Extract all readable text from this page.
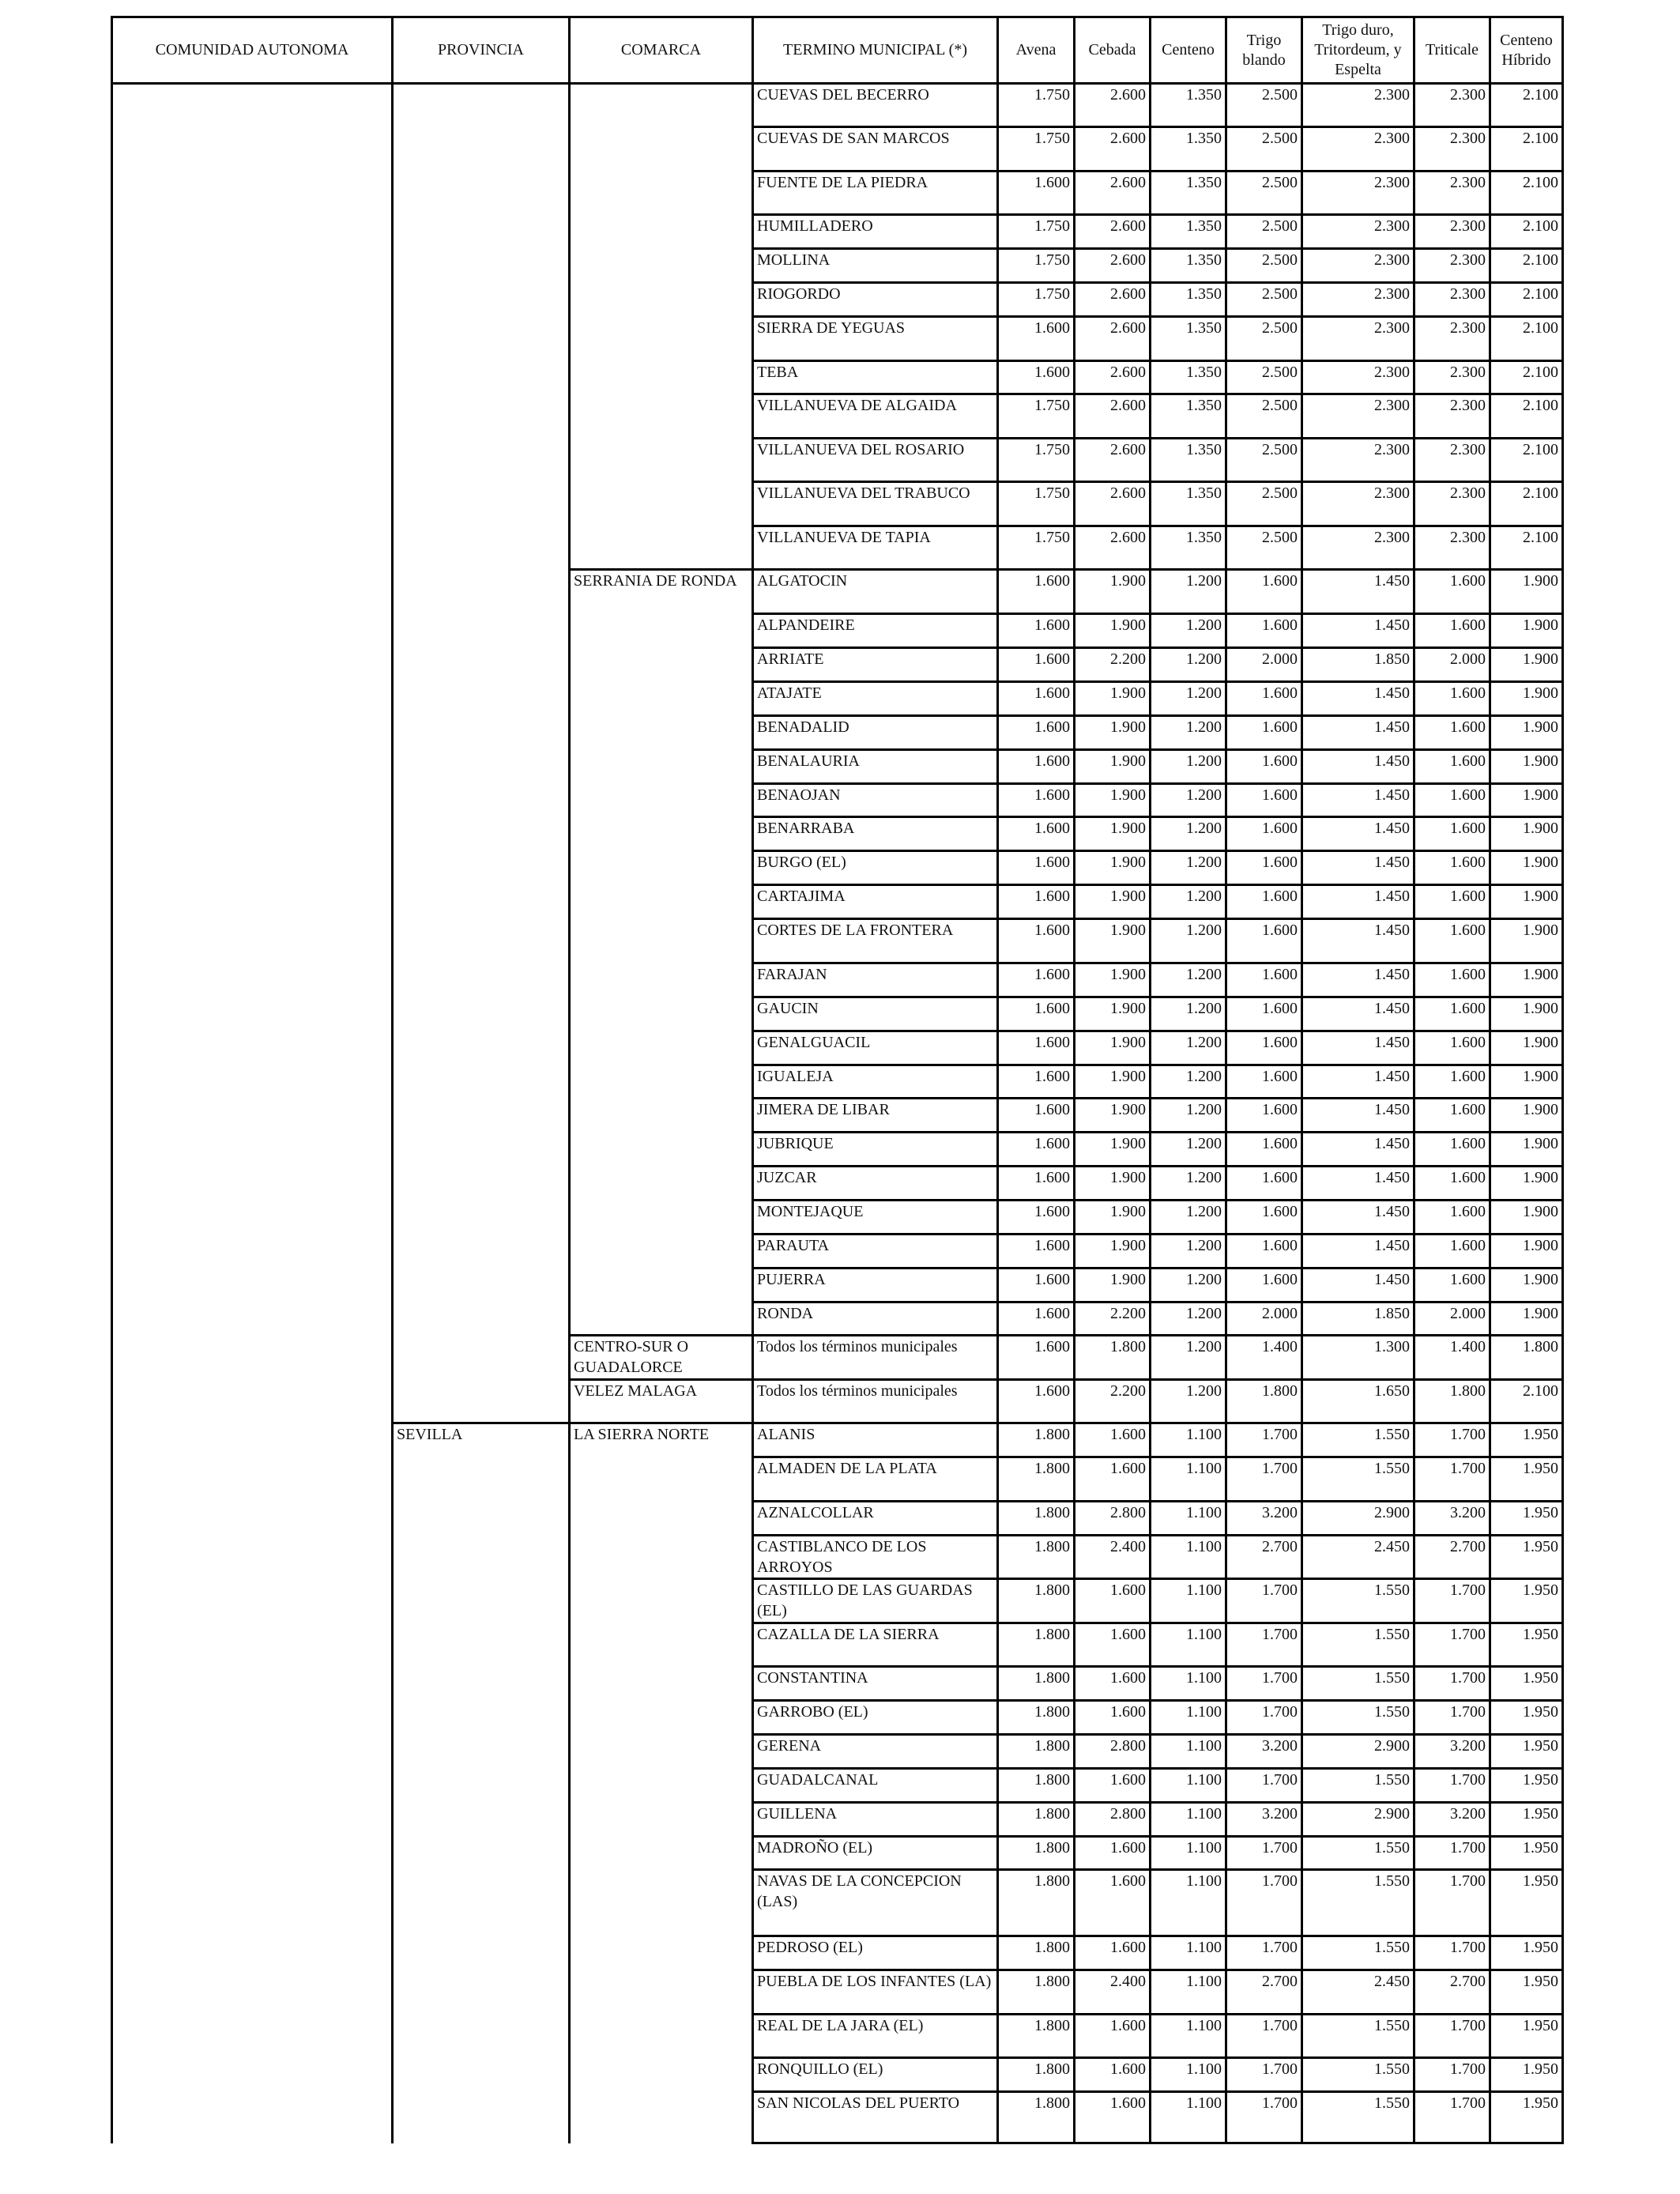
COMUNIDAD AUTONOMA	PROVINCIA	COMARCA	TERMINO MUNICIPAL (*)	Avena	Cebada	Centeno	Trigo blando	Trigo duro, Tritordeum, y Espelta	Triticale	Centeno Híbrido
			CUEVAS DEL BECERRO	1.750	2.600	1.350	2.500	2.300	2.300	2.100
			CUEVAS DE SAN MARCOS	1.750	2.600	1.350	2.500	2.300	2.300	2.100
			FUENTE DE LA PIEDRA	1.600	2.600	1.350	2.500	2.300	2.300	2.100
			HUMILLADERO	1.750	2.600	1.350	2.500	2.300	2.300	2.100
			MOLLINA	1.750	2.600	1.350	2.500	2.300	2.300	2.100
			RIOGORDO	1.750	2.600	1.350	2.500	2.300	2.300	2.100
			SIERRA DE YEGUAS	1.600	2.600	1.350	2.500	2.300	2.300	2.100
			TEBA	1.600	2.600	1.350	2.500	2.300	2.300	2.100
			VILLANUEVA DE ALGAIDA	1.750	2.600	1.350	2.500	2.300	2.300	2.100
			VILLANUEVA DEL ROSARIO	1.750	2.600	1.350	2.500	2.300	2.300	2.100
			VILLANUEVA DEL TRABUCO	1.750	2.600	1.350	2.500	2.300	2.300	2.100
			VILLANUEVA DE TAPIA	1.750	2.600	1.350	2.500	2.300	2.300	2.100
		SERRANIA DE RONDA	ALGATOCIN	1.600	1.900	1.200	1.600	1.450	1.600	1.900
			ALPANDEIRE	1.600	1.900	1.200	1.600	1.450	1.600	1.900
			ARRIATE	1.600	2.200	1.200	2.000	1.850	2.000	1.900
			ATAJATE	1.600	1.900	1.200	1.600	1.450	1.600	1.900
			BENADALID	1.600	1.900	1.200	1.600	1.450	1.600	1.900
			BENALAURIA	1.600	1.900	1.200	1.600	1.450	1.600	1.900
			BENAOJAN	1.600	1.900	1.200	1.600	1.450	1.600	1.900
			BENARRABA	1.600	1.900	1.200	1.600	1.450	1.600	1.900
			BURGO (EL)	1.600	1.900	1.200	1.600	1.450	1.600	1.900
			CARTAJIMA	1.600	1.900	1.200	1.600	1.450	1.600	1.900
			CORTES DE LA FRONTERA	1.600	1.900	1.200	1.600	1.450	1.600	1.900
			FARAJAN	1.600	1.900	1.200	1.600	1.450	1.600	1.900
			GAUCIN	1.600	1.900	1.200	1.600	1.450	1.600	1.900
			GENALGUACIL	1.600	1.900	1.200	1.600	1.450	1.600	1.900
			IGUALEJA	1.600	1.900	1.200	1.600	1.450	1.600	1.900
			JIMERA DE LIBAR	1.600	1.900	1.200	1.600	1.450	1.600	1.900
			JUBRIQUE	1.600	1.900	1.200	1.600	1.450	1.600	1.900
			JUZCAR	1.600	1.900	1.200	1.600	1.450	1.600	1.900
			MONTEJAQUE	1.600	1.900	1.200	1.600	1.450	1.600	1.900
			PARAUTA	1.600	1.900	1.200	1.600	1.450	1.600	1.900
			PUJERRA	1.600	1.900	1.200	1.600	1.450	1.600	1.900
			RONDA	1.600	2.200	1.200	2.000	1.850	2.000	1.900
		CENTRO-SUR O GUADALORCE	Todos los términos municipales	1.600	1.800	1.200	1.400	1.300	1.400	1.800
		VELEZ MALAGA	Todos los términos municipales	1.600	2.200	1.200	1.800	1.650	1.800	2.100
	SEVILLA	LA SIERRA NORTE	ALANIS	1.800	1.600	1.100	1.700	1.550	1.700	1.950
			ALMADEN DE LA PLATA	1.800	1.600	1.100	1.700	1.550	1.700	1.950
			AZNALCOLLAR	1.800	2.800	1.100	3.200	2.900	3.200	1.950
			CASTIBLANCO DE LOS ARROYOS	1.800	2.400	1.100	2.700	2.450	2.700	1.950
			CASTILLO DE LAS GUARDAS (EL)	1.800	1.600	1.100	1.700	1.550	1.700	1.950
			CAZALLA DE LA SIERRA	1.800	1.600	1.100	1.700	1.550	1.700	1.950
			CONSTANTINA	1.800	1.600	1.100	1.700	1.550	1.700	1.950
			GARROBO (EL)	1.800	1.600	1.100	1.700	1.550	1.700	1.950
			GERENA	1.800	2.800	1.100	3.200	2.900	3.200	1.950
			GUADALCANAL	1.800	1.600	1.100	1.700	1.550	1.700	1.950
			GUILLENA	1.800	2.800	1.100	3.200	2.900	3.200	1.950
			MADROÑO (EL)	1.800	1.600	1.100	1.700	1.550	1.700	1.950
			NAVAS DE LA CONCEPCION (LAS)	1.800	1.600	1.100	1.700	1.550	1.700	1.950
			PEDROSO (EL)	1.800	1.600	1.100	1.700	1.550	1.700	1.950
			PUEBLA DE LOS INFANTES (LA)	1.800	2.400	1.100	2.700	2.450	2.700	1.950
			REAL DE LA JARA (EL)	1.800	1.600	1.100	1.700	1.550	1.700	1.950
			RONQUILLO (EL)	1.800	1.600	1.100	1.700	1.550	1.700	1.950
			SAN NICOLAS DEL PUERTO	1.800	1.600	1.100	1.700	1.550	1.700	1.950
